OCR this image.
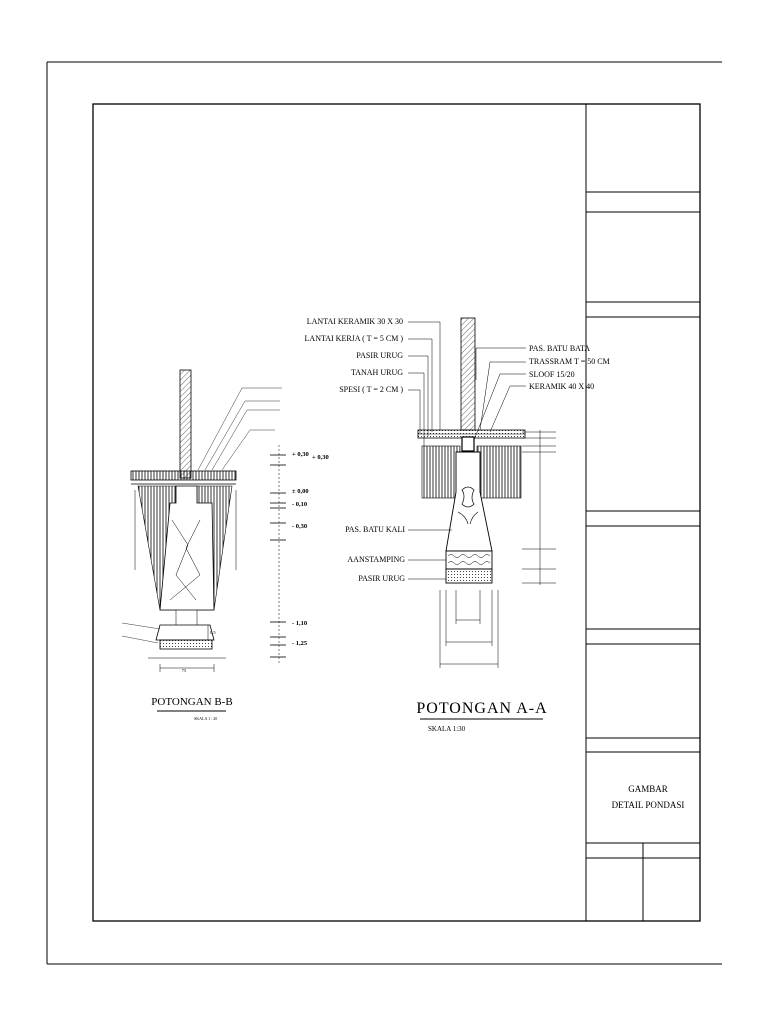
GAMBAR
DETAIL PONDASI
0,5
75
+ 0,30 + 0,30
± 0,00
- 0,10
- 0,30
- 1,10
- 1,25
POTONGAN B-B
SKALA 1 : 20
LANTAI KERAMIK 30 X 30
LANTAI KERJA ( T = 5 CM )
PASIR URUG
TANAH URUG
SPESI ( T = 2 CM )
PAS. BATU BATA
TRASSRAM T = 50 CM
SLOOF 15/20
KERAMIK 40 X 40
PAS. BATU KALI
AANSTAMPING
PASIR URUG
POTONGAN A-A
SKALA 1:30
